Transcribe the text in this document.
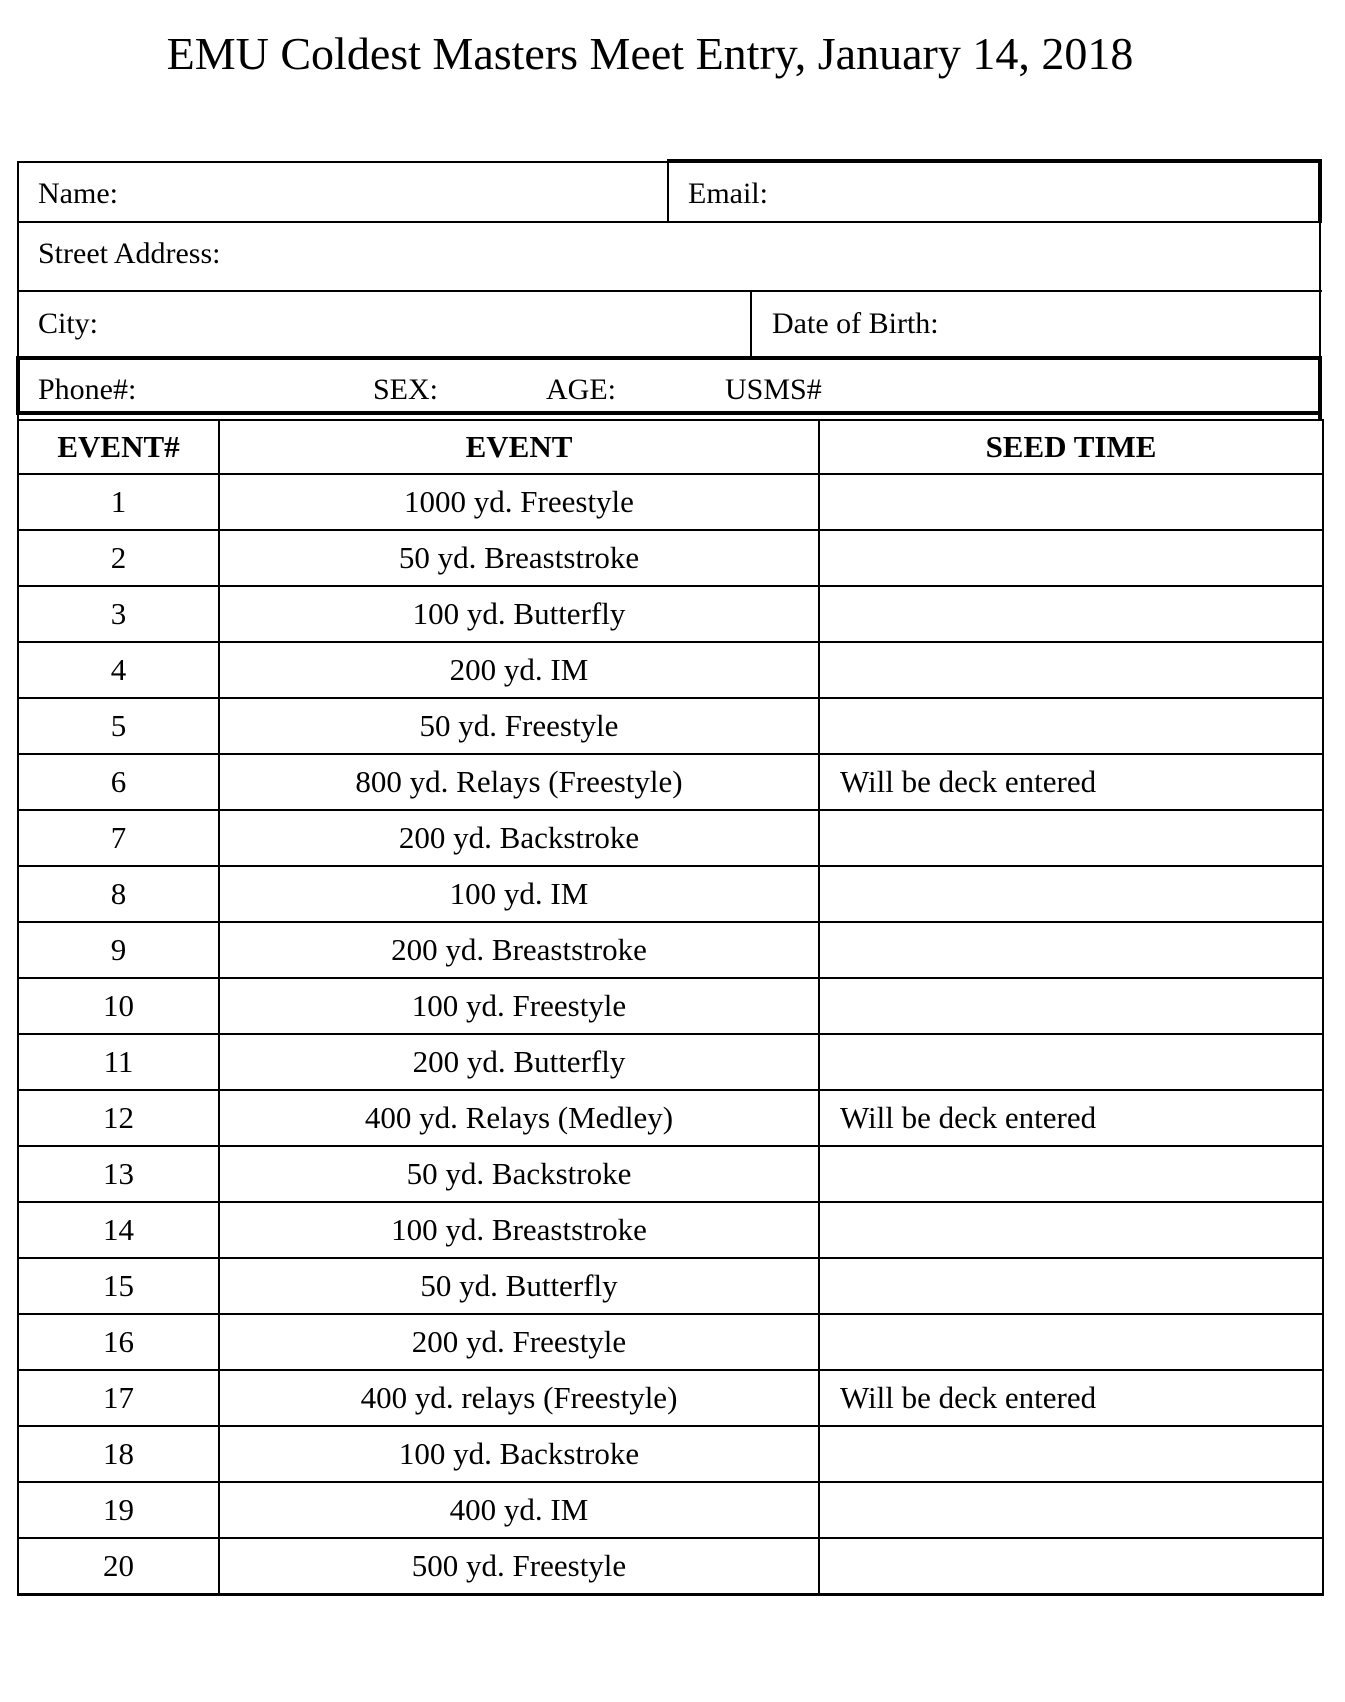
EMU Coldest Masters Meet Entry, January 14, 2018
Name:	Email:
Street Address:
City:	Date of Birth:
Phone#:	SEX:	AGE:	USMS#
EVENT#	EVENT	SEED TIME
1	1000 yd. Freestyle	
2	50 yd. Breaststroke	
3	100 yd. Butterfly	
4	200 yd. IM	
5	50 yd. Freestyle	
6	800 yd. Relays (Freestyle)	Will be deck entered
7	200 yd. Backstroke	
8	100 yd. IM	
9	200 yd. Breaststroke	
10	100 yd. Freestyle	
11	200 yd. Butterfly	
12	400 yd. Relays (Medley)	Will be deck entered
13	50 yd. Backstroke	
14	100 yd. Breaststroke	
15	50 yd. Butterfly	
16	200 yd. Freestyle	
17	400 yd. relays (Freestyle)	Will be deck entered
18	100 yd. Backstroke	
19	400 yd. IM	
20	500 yd. Freestyle	
